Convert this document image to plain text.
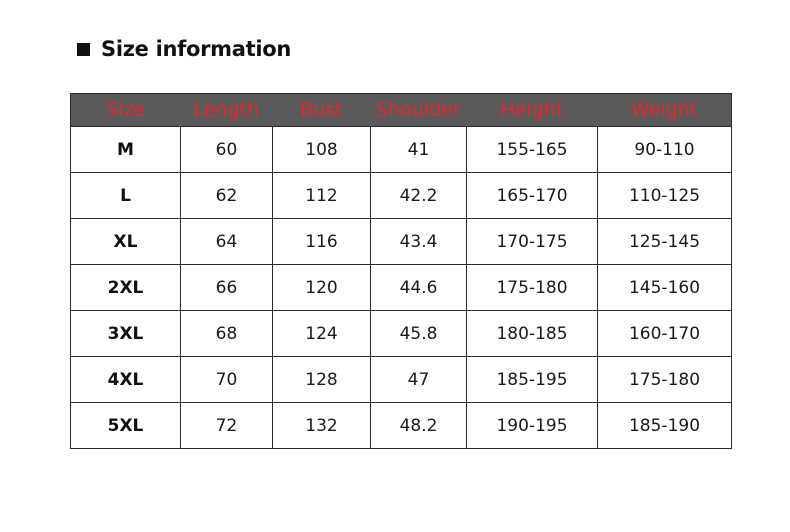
Size information
Size	Length	Bust	Shoulder	Height	Weight
M	60	108	41	155-165	90-110
L	62	112	42.2	165-170	110-125
XL	64	116	43.4	170-175	125-145
2XL	66	120	44.6	175-180	145-160
3XL	68	124	45.8	180-185	160-170
4XL	70	128	47	185-195	175-180
5XL	72	132	48.2	190-195	185-190
